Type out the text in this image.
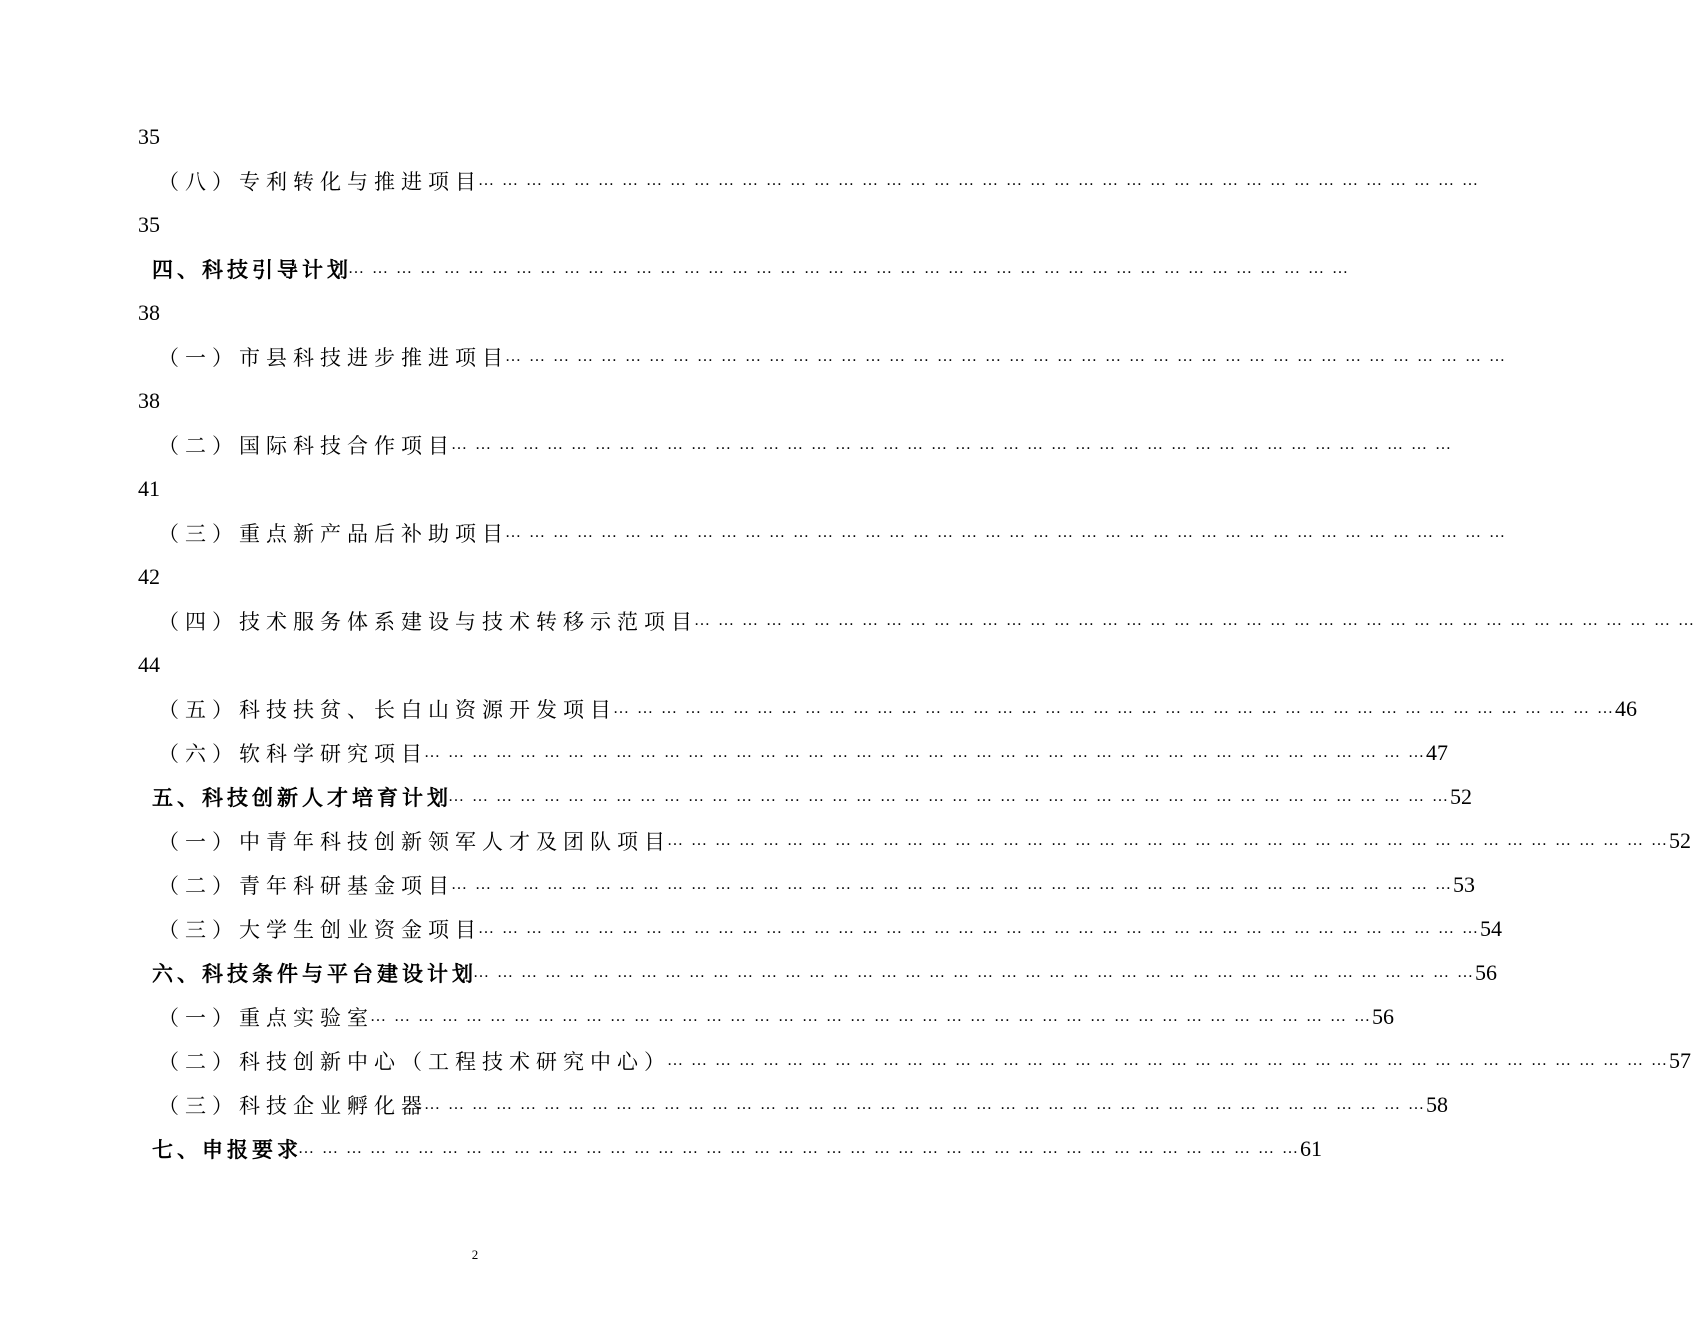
35
（八）专利转化与推进项目
… … … … … … … … … … … … … … … … … … … … … … … … … … … … … … … … … … … … … … … … … …
35
四、科技引导计划
… … … … … … … … … … … … … … … … … … … … … … … … … … … … … … … … … … … … … … … … … …
38
（一）市县科技进步推进项目
… … … … … … … … … … … … … … … … … … … … … … … … … … … … … … … … … … … … … … … … … …
38
（二）国际科技合作项目
… … … … … … … … … … … … … … … … … … … … … … … … … … … … … … … … … … … … … … … … … …
41
（三）重点新产品后补助项目
… … … … … … … … … … … … … … … … … … … … … … … … … … … … … … … … … … … … … … … … … …
42
（四）技术服务体系建设与技术转移示范项目
… … … … … … … … … … … … … … … … … … … … … … … … … … … … … … … … … … … … … … … … … …
44
（五）科技扶贫、长白山资源开发项目
… … … … … … … … … … … … … … … … … … … … … … … … … … … … … … … … … … … … … … … … … … 46
（六）软科学研究项目
… … … … … … … … … … … … … … … … … … … … … … … … … … … … … … … … … … … … … … … … … … 47
五、科技创新人才培育计划
… … … … … … … … … … … … … … … … … … … … … … … … … … … … … … … … … … … … … … … … … … 52
（一）中青年科技创新领军人才及团队项目
… … … … … … … … … … … … … … … … … … … … … … … … … … … … … … … … … … … … … … … … … … 52
（二）青年科研基金项目
… … … … … … … … … … … … … … … … … … … … … … … … … … … … … … … … … … … … … … … … … … 53
（三）大学生创业资金项目
… … … … … … … … … … … … … … … … … … … … … … … … … … … … … … … … … … … … … … … … … … 54
六、科技条件与平台建设计划
… … … … … … … … … … … … … … … … … … … … … … … … … … … … … … … … … … … … … … … … … … 56
（一）重点实验室
… … … … … … … … … … … … … … … … … … … … … … … … … … … … … … … … … … … … … … … … … … 56
（二）科技创新中心（工程技术研究中心）
… … … … … … … … … … … … … … … … … … … … … … … … … … … … … … … … … … … … … … … … … … 57
（三）科技企业孵化器
… … … … … … … … … … … … … … … … … … … … … … … … … … … … … … … … … … … … … … … … … … 58
七、申报要求
… … … … … … … … … … … … … … … … … … … … … … … … … … … … … … … … … … … … … … … … … … 61
2
